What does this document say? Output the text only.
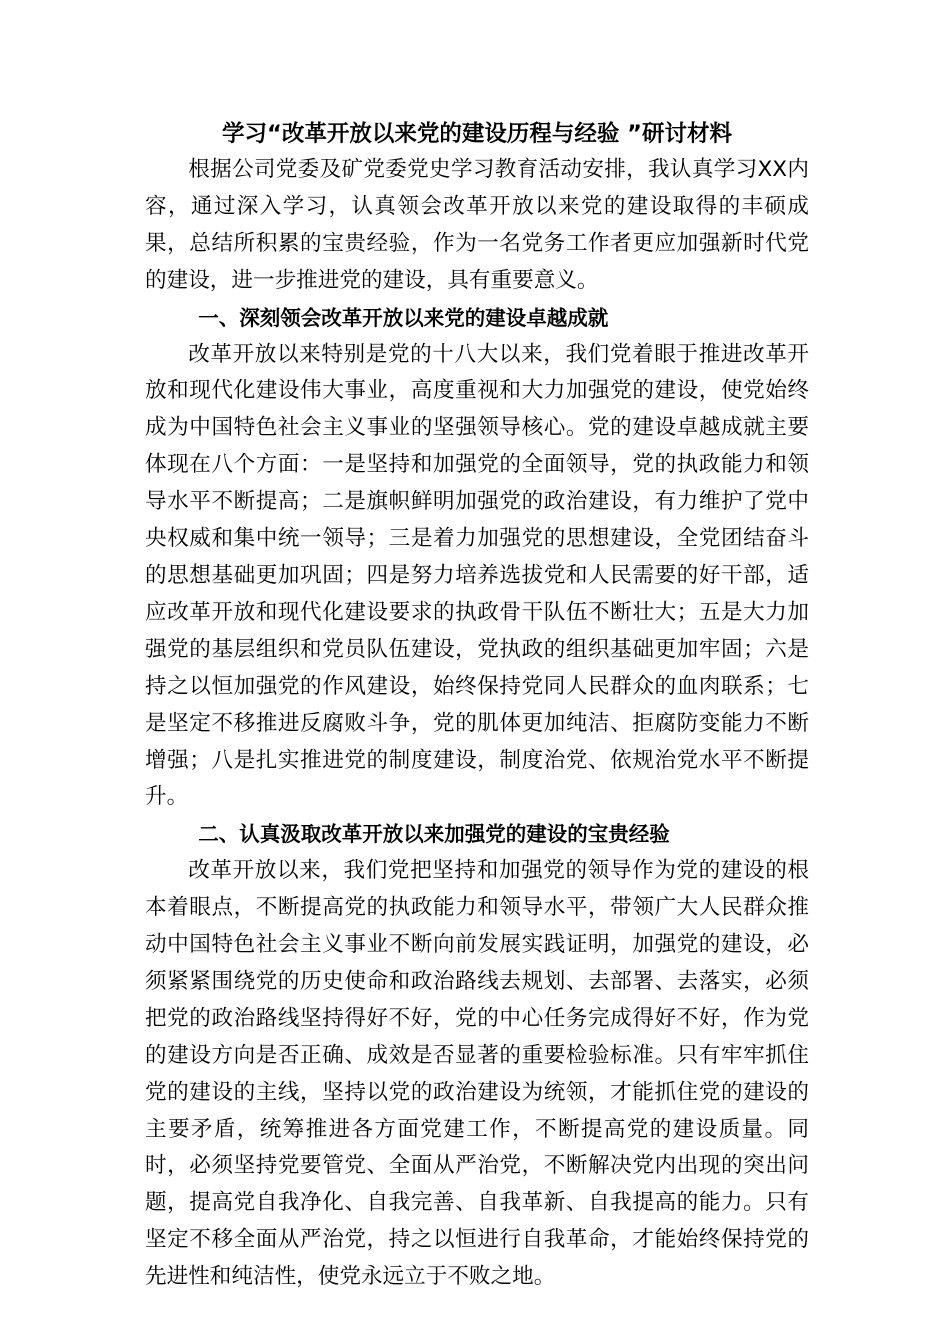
学习“改革开放以来党的建设历程与经验 ”研讨材料

根据公司党委及矿党委党史学习教育活动安排，我认真学习XX内容，通过深入学习，认真领会改革开放以来党的建设取得的丰硕成果，总结所积累的宝贵经验，作为一名党务工作者更应加强新时代党的建设，进一步推进党的建设，具有重要意义。

一、深刻领会改革开放以来党的建设卓越成就

改革开放以来特别是党的十八大以来，我们党着眼于推进改革开放和现代化建设伟大事业，高度重视和大力加强党的建设，使党始终成为中国特色社会主义事业的坚强领导核心。党的建设卓越成就主要体现在八个方面：一是坚持和加强党的全面领导，党的执政能力和领导水平不断提高；二是旗帜鲜明加强党的政治建设，有力维护了党中央权威和集中统一领导；三是着力加强党的思想建设，全党团结奋斗的思想基础更加巩固；四是努力培养选拔党和人民需要的好干部，适应改革开放和现代化建设要求的执政骨干队伍不断壮大；五是大力加强党的基层组织和党员队伍建设，党执政的组织基础更加牢固；六是持之以恒加强党的作风建设，始终保持党同人民群众的血肉联系；七是坚定不移推进反腐败斗争，党的肌体更加纯洁、拒腐防变能力不断增强；八是扎实推进党的制度建设，制度治党、依规治党水平不断提升。

二、认真汲取改革开放以来加强党的建设的宝贵经验

改革开放以来，我们党把坚持和加强党的领导作为党的建设的根本着眼点，不断提高党的执政能力和领导水平，带领广大人民群众推动中国特色社会主义事业不断向前发展实践证明，加强党的建设，必须紧紧围绕党的历史使命和政治路线去规划、去部署、去落实，必须把党的政治路线坚持得好不好，党的中心任务完成得好不好，作为党的建设方向是否正确、成效是否显著的重要检验标准。只有牢牢抓住党的建设的主线，坚持以党的政治建设为统领，才能抓住党的建设的主要矛盾，统筹推进各方面党建工作，不断提高党的建设质量。同时，必须坚持党要管党、全面从严治党，不断解决党内出现的突出问题，提高党自我净化、自我完善、自我革新、自我提高的能力。只有坚定不移全面从严治党，持之以恒进行自我革命，才能始终保持党的先进性和纯洁性，使党永远立于不败之地。
